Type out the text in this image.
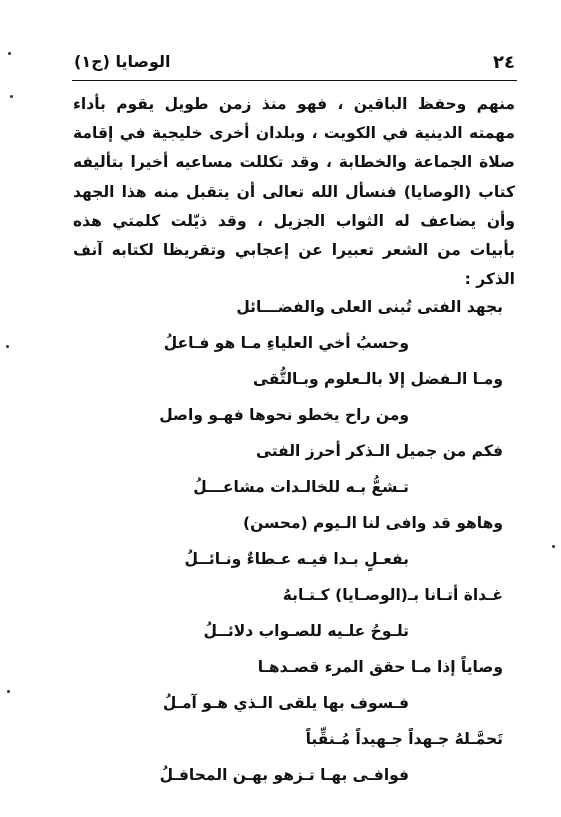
٢٤
الوصايا (ج١)

منهم وحفظ الباقين ، فهو منذ زمن طويل يقوم بأداء مهمته الدينية في الكويت ، وبلدان أخرى خليجية في إقامة صلاة الجماعة والخطابة ، وقد تكللت مساعيه أخيرا بتأليفه كتاب (الوصايا) فنسأل الله تعالى أن يتقبل منه هذا الجهد وأن يضاعف له الثواب الجزيل ، وقد ذيّلت كلمتي هذه بأبيات من الشعر تعبيرا عن إعجابي وتقريظا لكتابه آنف الذكر :

بجهد الفتى تُبنى العلى والفضـــائل
وحسبُ أخي العلياءِ مـا هو فـاعلُ
ومـا الـفضل إلا بالـعلوم وبـالتُّقى
ومن راح يخطو نحوها فهـو واصل
فكم من جميل الـذكر أحرز الفتى
تـشعُّ بـه للخالـدات مشاعـــلُ
وهاهو قد وافى لنا الـيوم (محسن)
بفعـلٍ بـدا فيـه عـطاءٌ ونـائــلُ
غـداة أتـانا بـ(الوصـايا) كـتـابهُ
تلـوحُ علـيه للصـواب دلائــلُ
وصاياً إذا مـا حقق المرء قصـدهـا
فـسوف بها يلقى الـذي هـو آمـلُ
تَحمَّـلهُ جـهداً جـهيداً مُـنقِّباً
فوافـى بهـا تـزهو بهـن المحافـلُ
